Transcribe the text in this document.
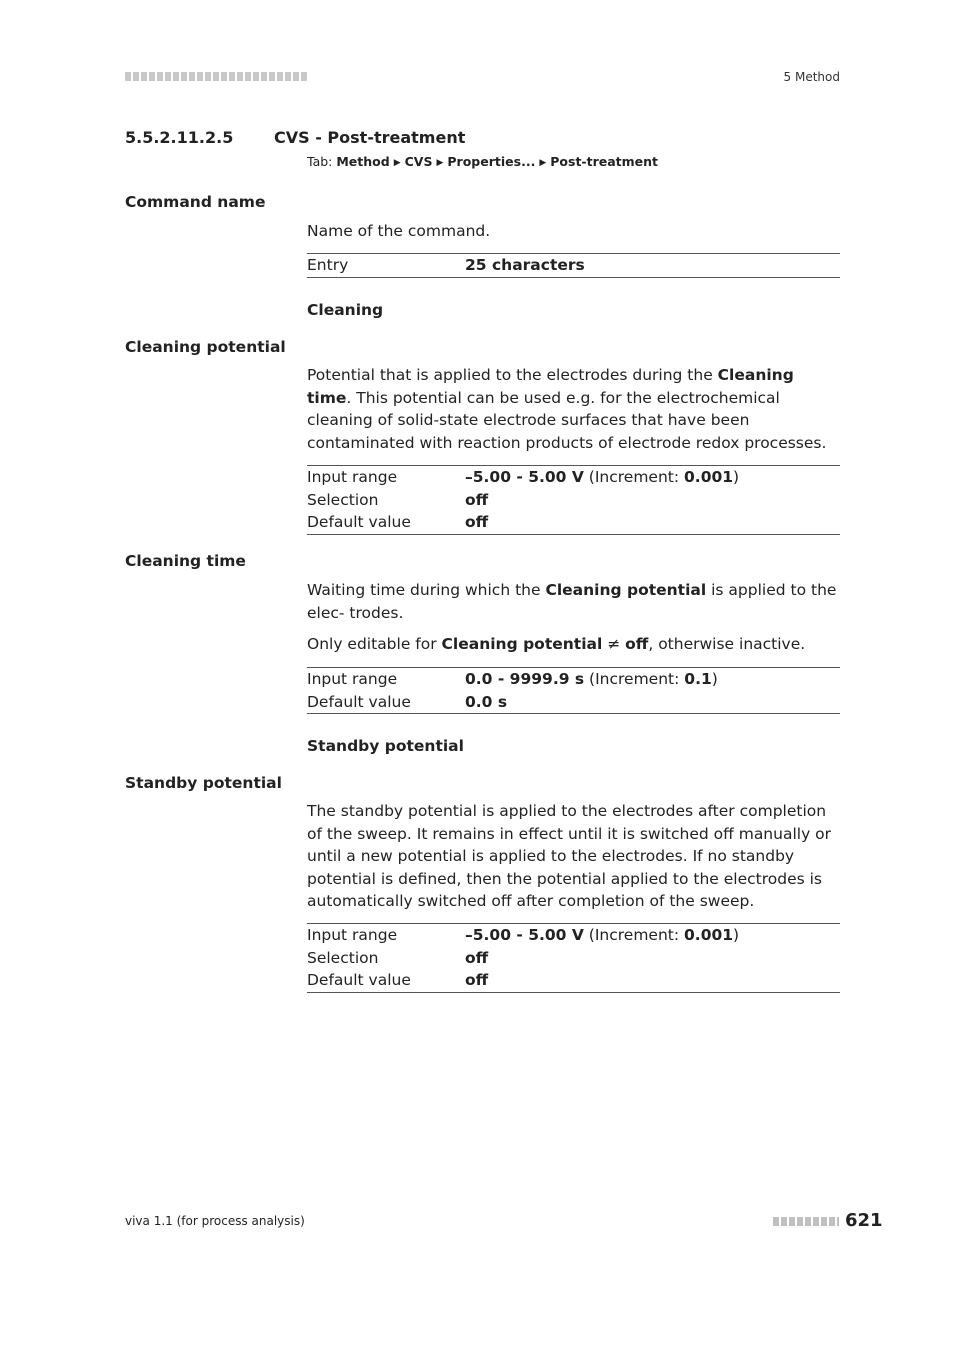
5 Method
5.5.2.11.2.5	CVS - Post-treatment
Tab: Method ▶ CVS ▶ Properties... ▶ Post-treatment
Command name
Name of the command.
Entry	25 characters
Cleaning
Cleaning potential
Potential that is applied to the electrodes during the Cleaning time. This potential can be used e.g. for the electrochemical cleaning of solid-state electrode surfaces that have been contaminated with reaction products of electrode redox processes.
Input range	–5.00 - 5.00 V (Increment: 0.001)
Selection	off
Default value	off
Cleaning time
Waiting time during which the Cleaning potential is applied to the elec- trodes.
Only editable for Cleaning potential ≠ off, otherwise inactive.
Input range	0.0 - 9999.9 s (Increment: 0.1)
Default value	0.0 s
Standby potential
Standby potential
The standby potential is applied to the electrodes after completion of the sweep. It remains in effect until it is switched off manually or until a new potential is applied to the electrodes. If no standby potential is defined, then the potential applied to the electrodes is automatically switched off after completion of the sweep.
Input range	–5.00 - 5.00 V (Increment: 0.001)
Selection	off
Default value	off
viva 1.1 (for process analysis)	621
